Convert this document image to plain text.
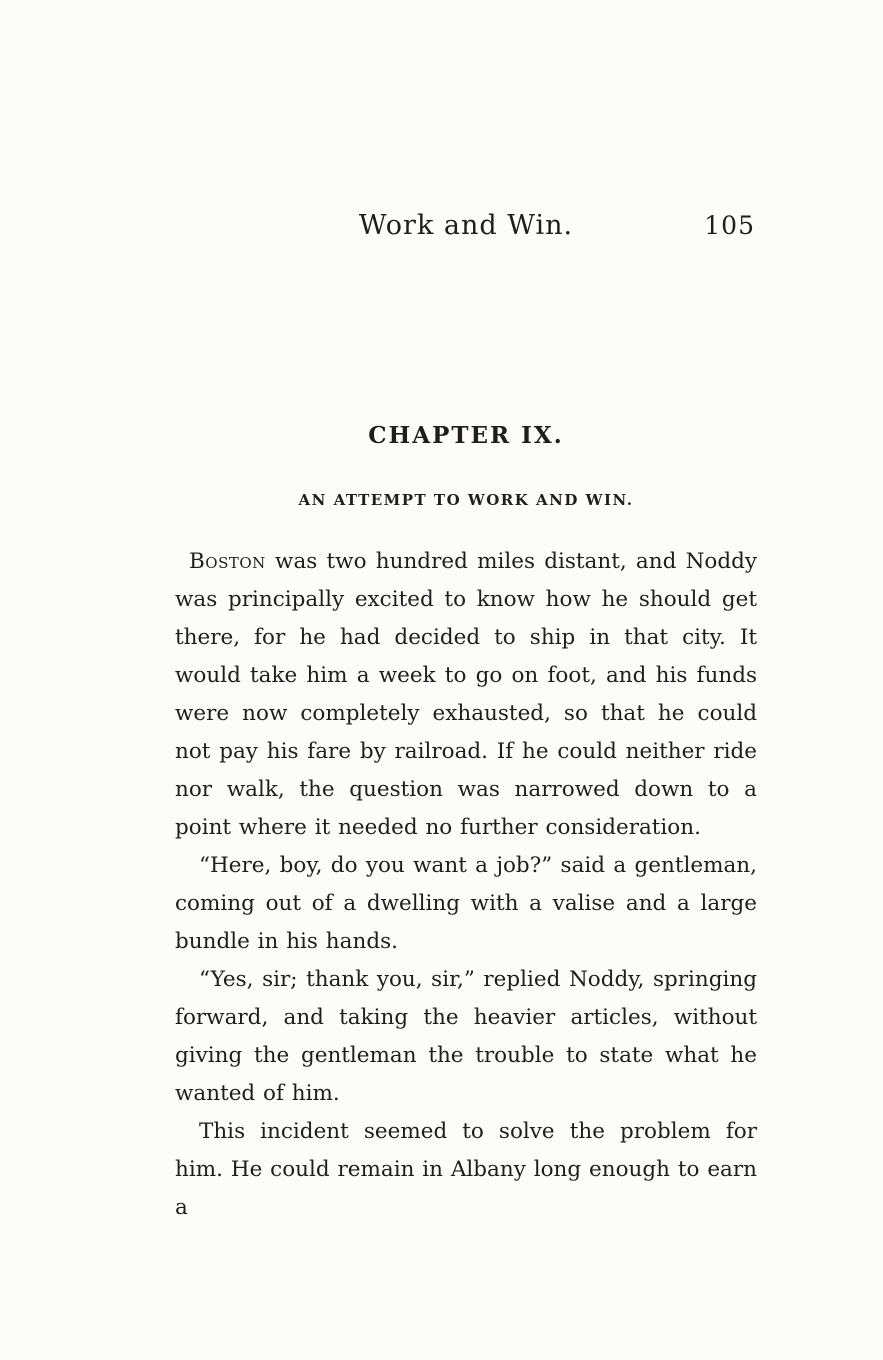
Work and Win.	105
CHAPTER IX.
AN ATTEMPT TO WORK AND WIN.

Boston was two hundred miles distant, and Noddy was principally excited to know how he should get there, for he had decided to ship in that city. It would take him a week to go on foot, and his funds were now completely exhausted, so that he could not pay his fare by railroad. If he could neither ride nor walk, the question was narrowed down to a point where it needed no further consideration.

“Here, boy, do you want a job?” said a gentleman, coming out of a dwelling with a valise and a large bundle in his hands.

“Yes, sir; thank you, sir,” replied Noddy, springing forward, and taking the heavier articles, without giving the gentleman the trouble to state what he wanted of him.

This incident seemed to solve the problem for him. He could remain in Albany long enough to earn a
